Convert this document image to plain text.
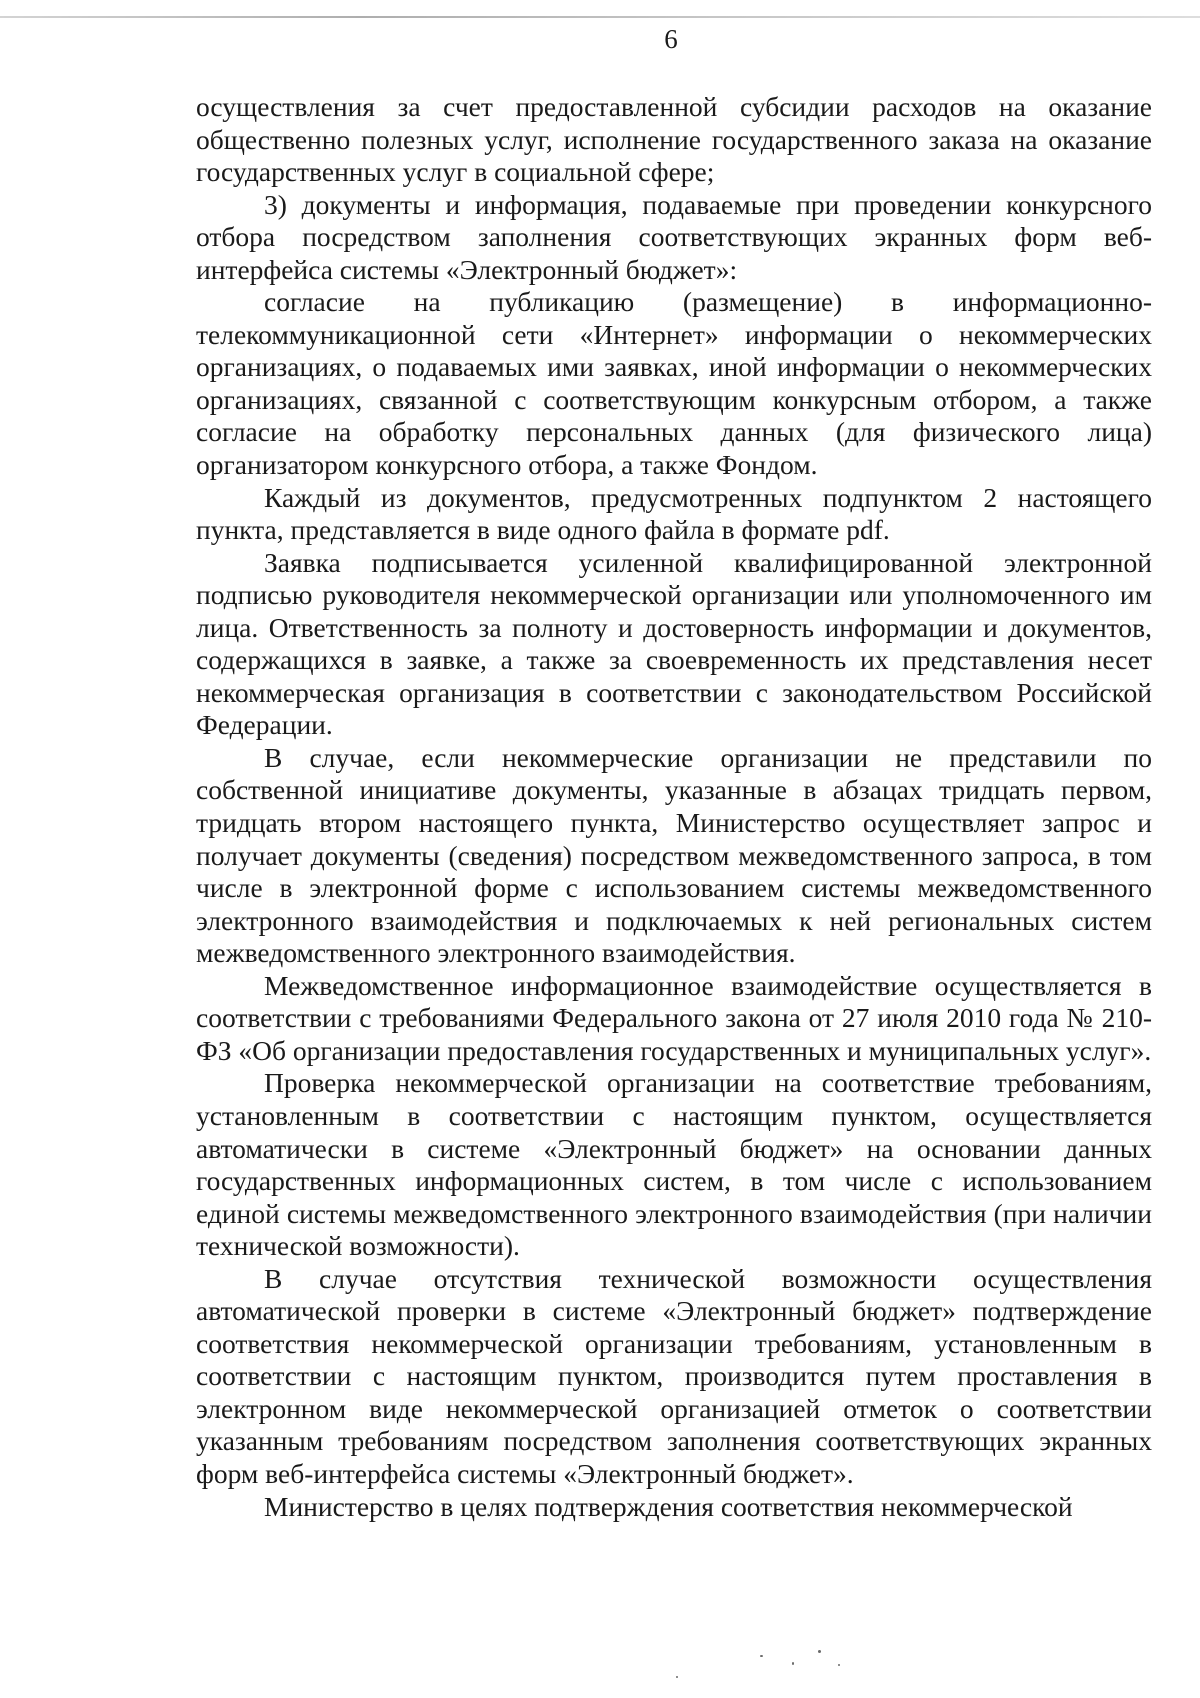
6

осуществления за счет предоставленной субсидии расходов на оказание общественно полезных услуг, исполнение государственного заказа на оказание государственных услуг в социальной сфере;

3) документы и информация, подаваемые при проведении конкурсного отбора посредством заполнения соответствующих экранных форм веб-интерфейса системы «Электронный бюджет»:

согласие на публикацию (размещение) в информационно-телекоммуникационной сети «Интернет» информации о некоммерческих организациях, о подаваемых ими заявках, иной информации о некоммерческих организациях, связанной с соответствующим конкурсным отбором, а также согласие на обработку персональных данных (для физического лица) организатором конкурсного отбора, а также Фондом.

Каждый из документов, предусмотренных подпунктом 2 настоящего пункта, представляется в виде одного файла в формате pdf.

Заявка подписывается усиленной квалифицированной электронной подписью руководителя некоммерческой организации или уполномоченного им лица. Ответственность за полноту и достоверность информации и документов, содержащихся в заявке, а также за своевременность их представления несет некоммерческая организация в соответствии с законодательством Российской Федерации.

В случае, если некоммерческие организации не представили по собственной инициативе документы, указанные в абзацах тридцать первом, тридцать втором настоящего пункта, Министерство осуществляет запрос и получает документы (сведения) посредством межведомственного запроса, в том числе в электронной форме с использованием системы межведомственного электронного взаимодействия и подключаемых к ней региональных систем межведомственного электронного взаимодействия.

Межведомственное информационное взаимодействие осуществляется в соответствии с требованиями Федерального закона от 27 июля 2010 года № 210-ФЗ «Об организации предоставления государственных и муниципальных услуг».

Проверка некоммерческой организации на соответствие требованиям, установленным в соответствии с настоящим пунктом, осуществляется автоматически в системе «Электронный бюджет» на основании данных государственных информационных систем, в том числе с использованием единой системы межведомственного электронного взаимодействия (при наличии технической возможности).

В случае отсутствия технической возможности осуществления автоматической проверки в системе «Электронный бюджет» подтверждение соответствия некоммерческой организации требованиям, установленным в соответствии с настоящим пунктом, производится путем проставления в электронном виде некоммерческой организацией отметок о соответствии указанным требованиям посредством заполнения соответствующих экранных форм веб-интерфейса системы «Электронный бюджет».

Министерство в целях подтверждения соответствия некоммерческой
